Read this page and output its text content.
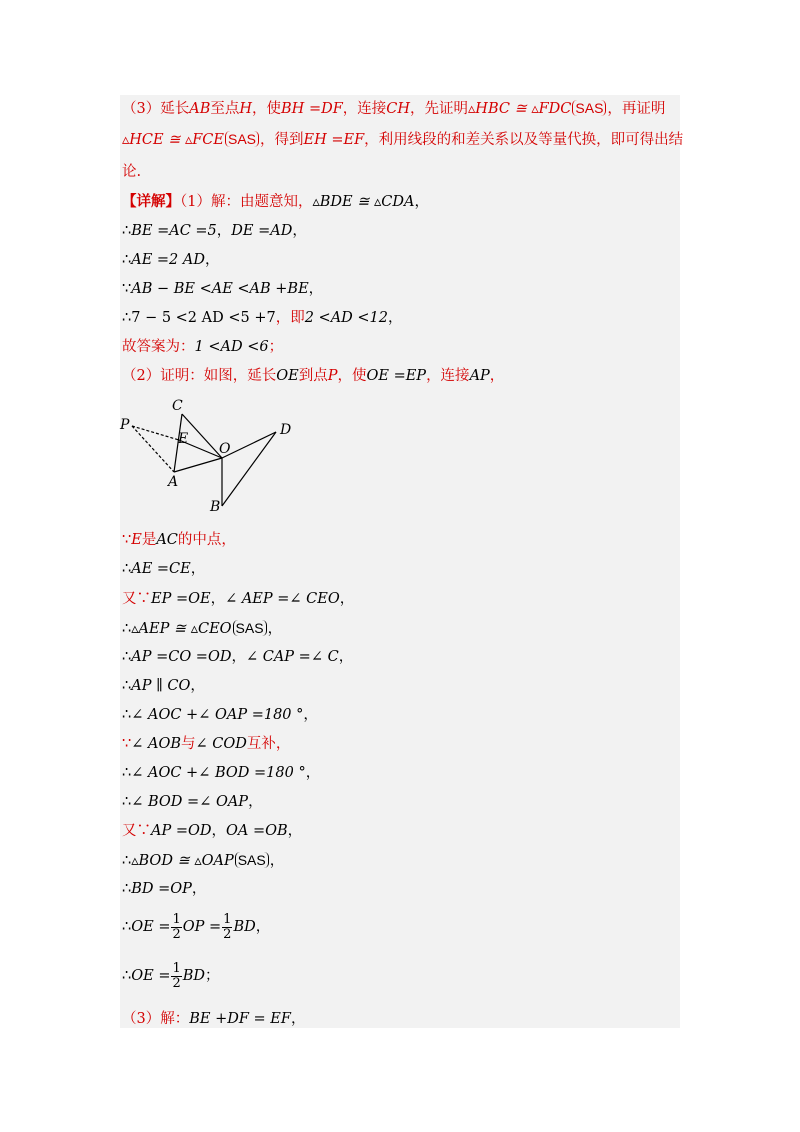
（3）延长AB至点H，使BH =DF，连接CH，先证明▵HBC ≅ ▵FDC SAS ，再证明
▵HCE ≅ ▵FCE SAS ，得到EH =EF，利用线段的和差关系以及等量代换，即可得出结
论.
【详解】（1）解：由题意知，▵BDE ≅ ▵CDA，
∴BE =AC =5，DE =AD，
∴AE =2 AD，
∵AB − BE <AE <AB +BE，
∴7 − 5 <2 AD <5 +7，即2 <AD <12，
故答案为：1 <AD <6；
（2）证明：如图，延长OE到点P，使OE =EP，连接AP，
C
E
P
O
D
A
B
∵E是AC的中点，
∴AE =CE，
又∵EP =OE，∠ AEP =∠ CEO，
∴▵AEP ≅ ▵CEO SAS ，
∴AP =CO =OD，∠ CAP =∠ C，
∴AP ∥ CO，
∴∠ AOC +∠ OAP =180 °，
∵∠ AOB与∠ COD互补，
∴∠ AOC +∠ BOD =180 °，
∴∠ BOD =∠ OAP，
又∵AP =OD，OA =OB，
∴▵BOD ≅ ▵OAP SAS ，
∴BD =OP，
∴OE = $\frac{1}{2}$ OP = $\frac{1}{2}$ BD，
∴OE = $\frac{1}{2}$ BD；
（3）解：BE +DF = EF，
